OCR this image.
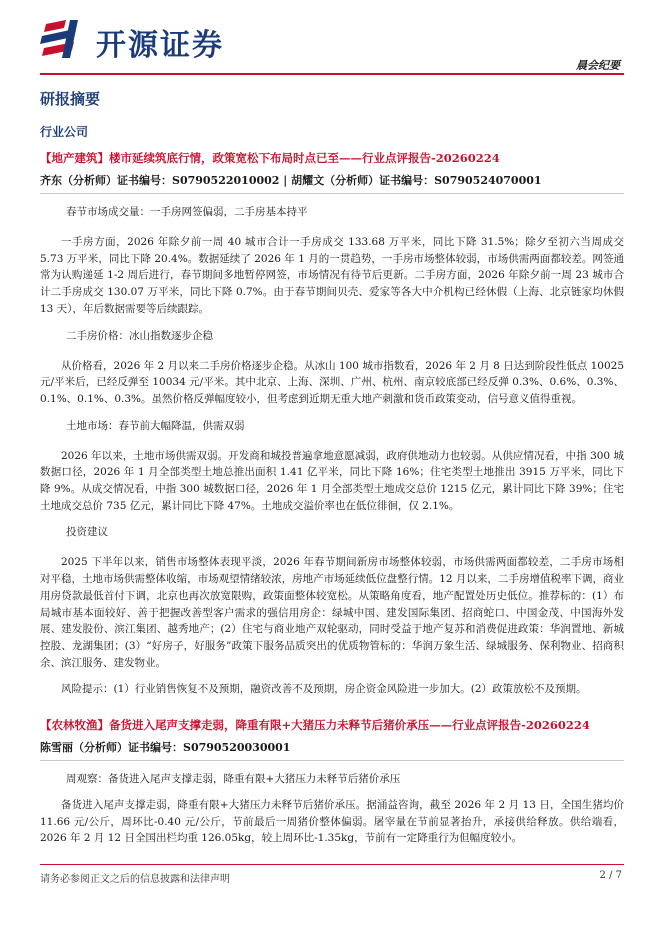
开源证券
晨会纪要
研报摘要
行业公司
【地产建筑】楼市延续筑底行情，政策宽松下布局时点已至——行业点评报告-20260224
齐东（分析师）证书编号：S0790522010002 | 胡耀文（分析师）证书编号：S0790524070001
春节市场成交量：一手房网签偏弱，二手房基本持平

一手房方面，2026 年除夕前一周 40 城市合计一手房成交 133.68 万平米，同比下降 31.5%；除夕至初六当周成交 5.73 万平米，同比下降 20.4%。数据延续了 2026 年 1 月的一贯趋势，一手房市场整体较弱，市场供需两面都较差。网签通常为认购递延 1-2 周后进行，春节期间多地暂停网签，市场情况有待节后更新。二手房方面，2026 年除夕前一周 23 城市合计二手房成交 130.07 万平米，同比下降 0.7%。由于春节期间贝壳、爱家等各大中介机构已经休假（上海、北京链家均休假 13 天），年后数据需要等后续跟踪。

二手房价格：冰山指数逐步企稳

从价格看，2026 年 2 月以来二手房价格逐步企稳。从冰山 100 城市指数看，2026 年 2 月 8 日达到阶段性低点 10025 元/平米后，已经反弹至 10034 元/平米。其中北京、上海、深圳、广州、杭州、南京较底部已经反弹 0.3%、0.6%、0.3%、0.1%、0.1%、0.3%。虽然价格反弹幅度较小，但考虑到近期无重大地产刺激和货币政策变动，信号意义值得重视。

土地市场：春节前大幅降温，供需双弱

2026 年以来，土地市场供需双弱。开发商和城投普遍拿地意愿减弱，政府供地动力也较弱。从供应情况看，中指 300 城数据口径，2026 年 1 月全部类型土地总推出面积 1.41 亿平米，同比下降 16%；住宅类型土地推出 3915 万平米，同比下降 9%。从成交情况看，中指 300 城数据口径，2026 年 1 月全部类型土地成交总价 1215 亿元，累计同比下降 39%；住宅土地成交总价 735 亿元，累计同比下降 47%。土地成交溢价率也在低位徘徊，仅 2.1%。

投资建议

2025 下半年以来，销售市场整体表现平淡，2026 年春节期间新房市场整体较弱，市场供需两面都较差，二手房市场相对平稳，土地市场供需整体收缩，市场观望情绪较浓，房地产市场延续低位盘整行情。12 月以来，二手房增值税率下调，商业用房贷款最低首付下调，北京也再次放宽限购，政策面整体较宽松。从策略角度看，地产配置处历史低位。推荐标的：(1）布局城市基本面较好、善于把握改善型客户需求的强信用房企：绿城中国、建发国际集团、招商蛇口、中国金茂、中国海外发展、建发股份、滨江集团、越秀地产；(2）住宅与商业地产双轮驱动，同时受益于地产复苏和消费促进政策：华润置地、新城控股、龙湖集团；(3）“好房子，好服务”政策下服务品质突出的优质物管标的：华润万象生活、绿城服务、保利物业、招商积余、滨江服务、建发物业。

风险提示：(1）行业销售恢复不及预期，融资改善不及预期，房企资金风险进一步加大。(2）政策放松不及预期。

【农林牧渔】备货进入尾声支撑走弱，降重有限+大猪压力未释节后猪价承压——行业点评报告-20260224
陈雪丽（分析师）证书编号：S0790520030001
周观察：备货进入尾声支撑走弱，降重有限+大猪压力未释节后猪价承压

备货进入尾声支撑走弱，降重有限+大猪压力未释节后猪价承压。据涌益咨询，截至 2026 年 2 月 13 日，全国生猪均价 11.66 元/公斤，周环比-0.40 元/公斤，节前最后一周猪价整体偏弱。屠宰量在节前显著抬升，承接供给释放。供给端看，2026 年 2 月 12 日全国出栏均重 126.05kg，较上周环比-1.35kg，节前有一定降重行为但幅度较小。

请务必参阅正文之后的信息披露和法律声明	2 / 7
